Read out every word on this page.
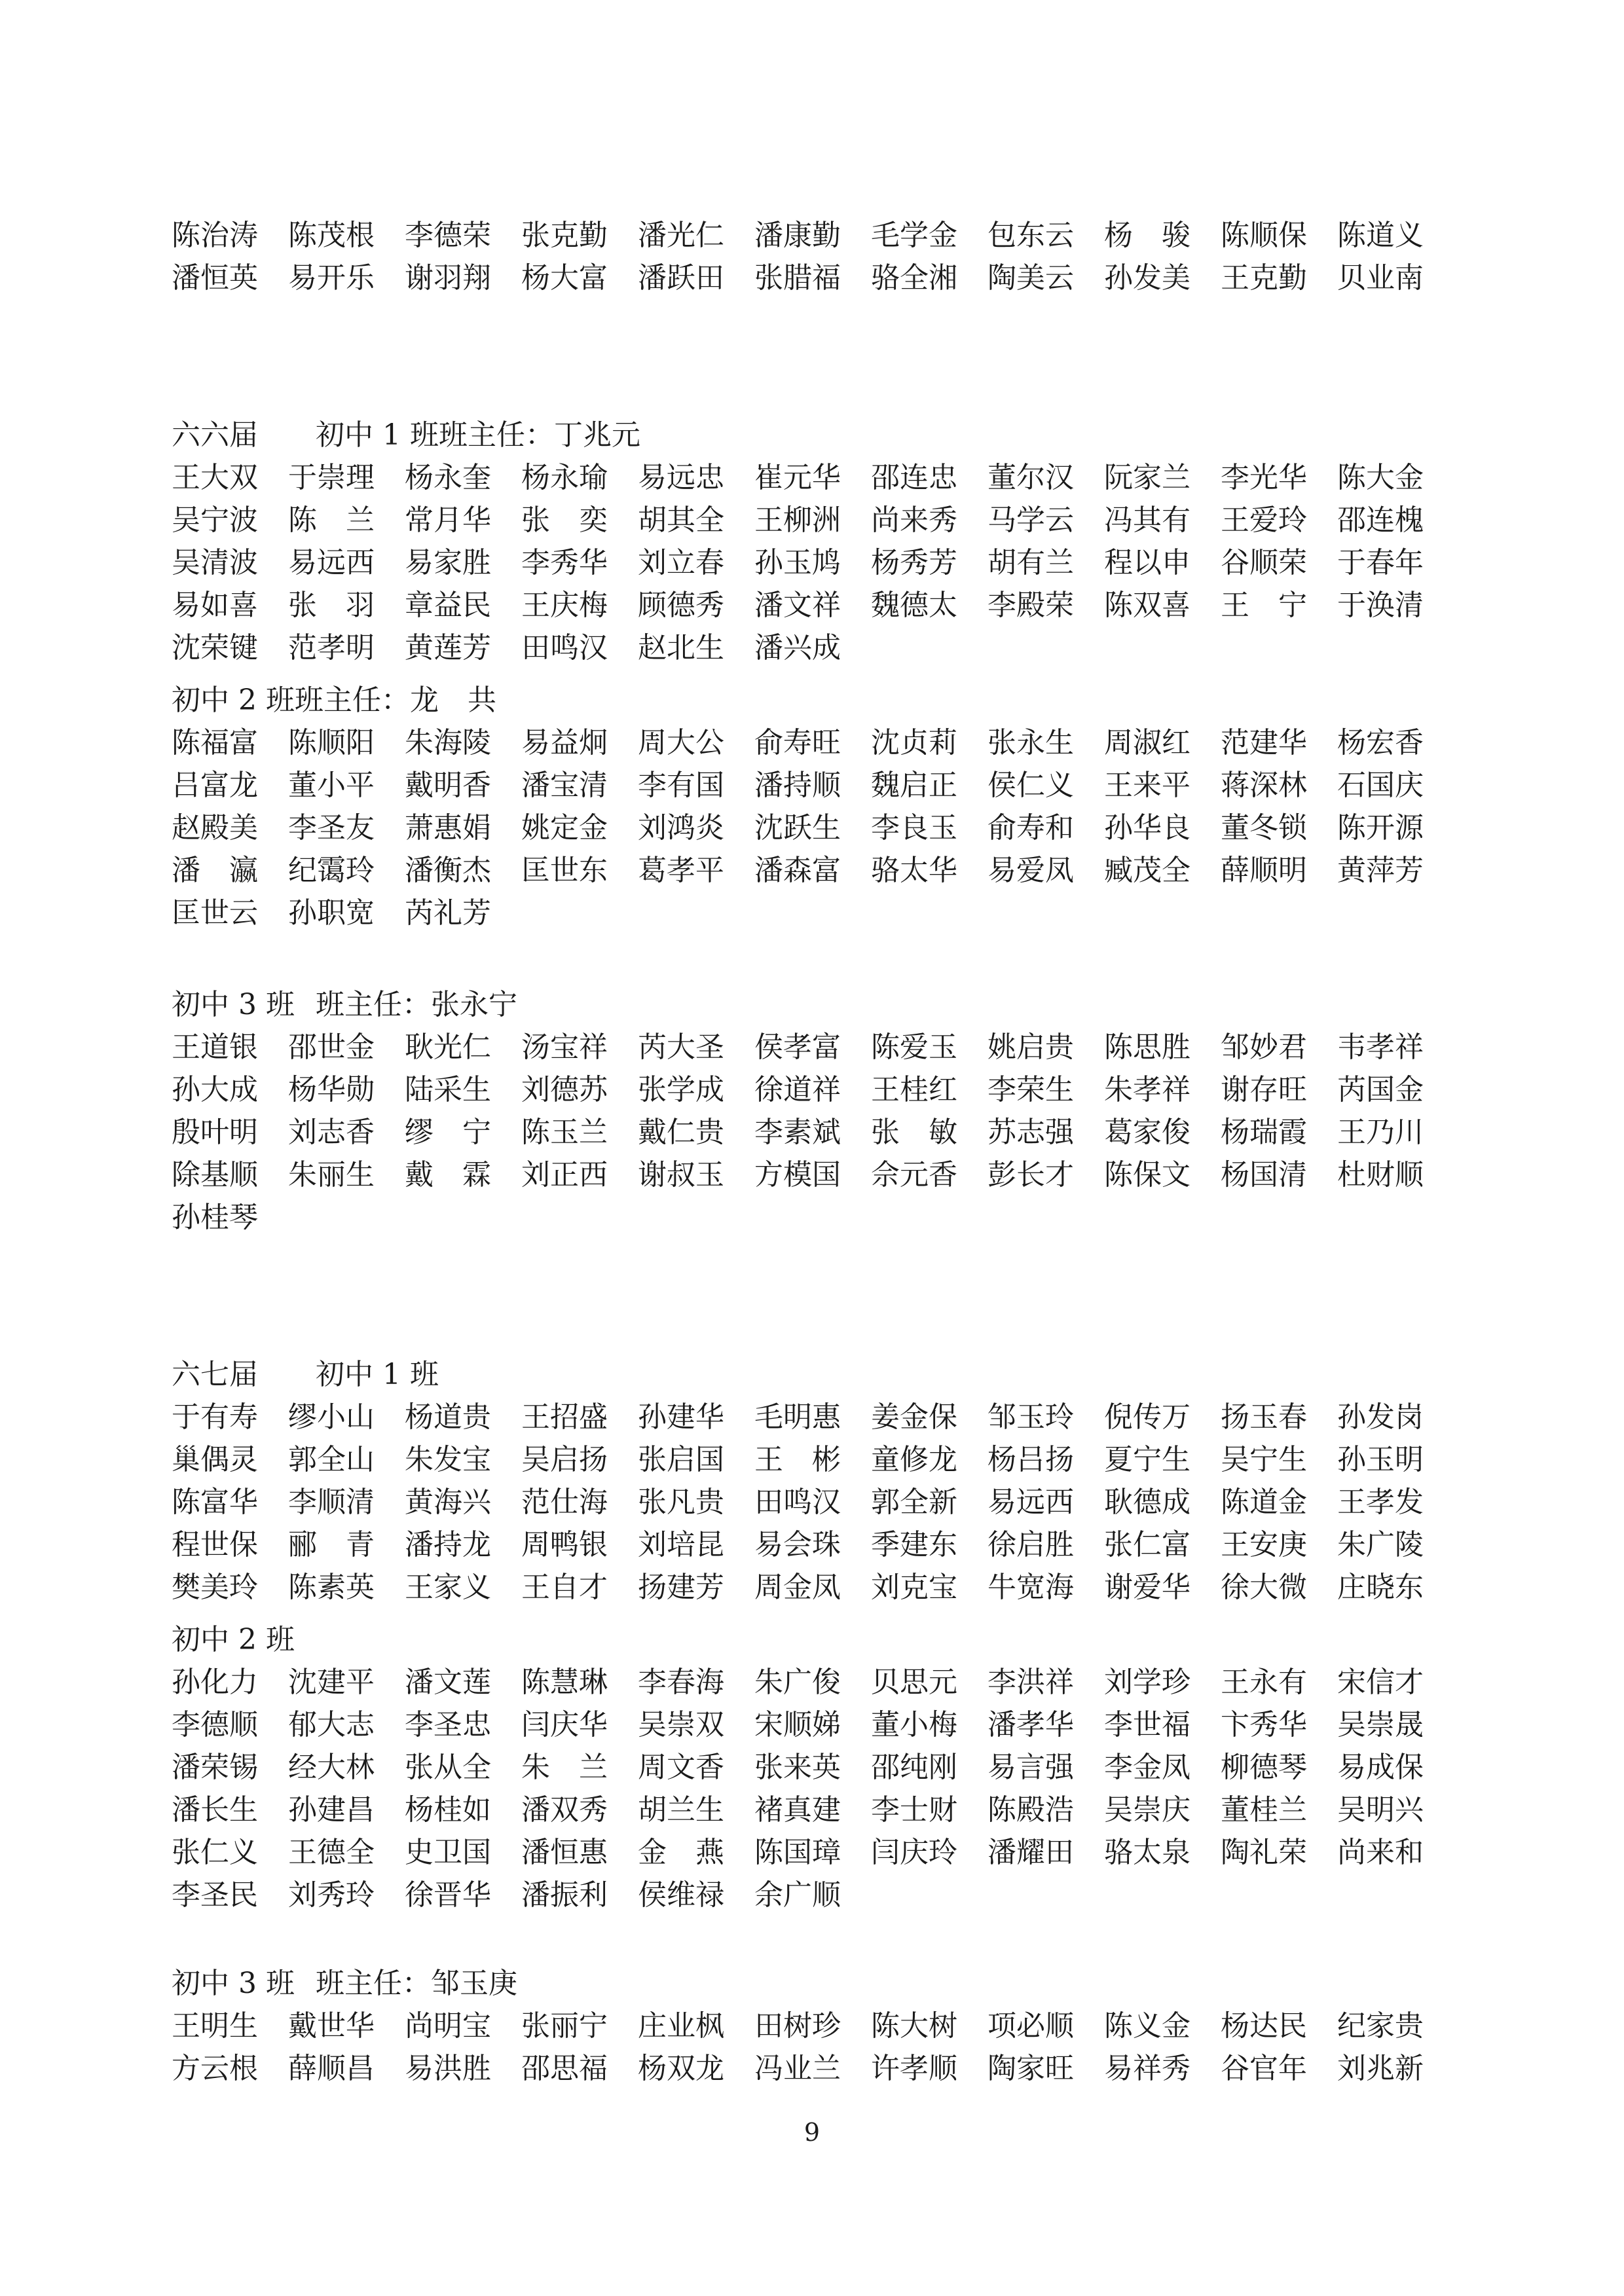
陈治涛	陈茂根	李德荣	张克勤	潘光仁	潘康勤	毛学金	包东云	杨　骏	陈顺保	陈道义
潘恒英	易开乐	谢羽翔	杨大富	潘跃田	张腊福	骆全湘	陶美云	孙发美	王克勤	贝业南
六六届 初中 1 班班主任：丁兆元
王大双	于崇理	杨永奎	杨永瑜	易远忠	崔元华	邵连忠	董尔汉	阮家兰	李光华	陈大金
吴宁波	陈　兰	常月华	张　奕	胡其全	王柳洲	尚来秀	马学云	冯其有	王爱玲	邵连槐
吴清波	易远西	易家胜	李秀华	刘立春	孙玉鸠	杨秀芳	胡有兰	程以申	谷顺荣	于春年
易如喜	张　羽	章益民	王庆梅	顾德秀	潘文祥	魏德太	李殿荣	陈双喜	王　宁	于涣清
沈荣键	范孝明	黄莲芳	田鸣汉	赵北生	潘兴成
初中 2 班班主任：龙　共
陈福富	陈顺阳	朱海陵	易益炯	周大公	俞寿旺	沈贞莉	张永生	周淑红	范建华	杨宏香
吕富龙	董小平	戴明香	潘宝清	李有国	潘持顺	魏启正	侯仁义	王来平	蒋深林	石国庆
赵殿美	李圣友	萧惠娟	姚定金	刘鸿炎	沈跃生	李良玉	俞寿和	孙华良	董冬锁	陈开源
潘　瀛	纪霭玲	潘衡杰	匡世东	葛孝平	潘森富	骆太华	易爱凤	臧茂全	薛顺明	黄萍芳
匡世云	孙职宽	芮礼芳
初中 3 班 班主任：张永宁
王道银	邵世金	耿光仁	汤宝祥	芮大圣	侯孝富	陈爱玉	姚启贵	陈思胜	邹妙君	韦孝祥
孙大成	杨华勋	陆采生	刘德苏	张学成	徐道祥	王桂红	李荣生	朱孝祥	谢存旺	芮国金
殷叶明	刘志香	缪　宁	陈玉兰	戴仁贵	李素斌	张　敏	苏志强	葛家俊	杨瑞霞	王乃川
除基顺	朱丽生	戴　霖	刘正西	谢叔玉	方模国	佘元香	彭长才	陈保文	杨国清	杜财顺
孙桂琴
六七届 初中 1 班
于有寿	缪小山	杨道贵	王招盛	孙建华	毛明惠	姜金保	邹玉玲	倪传万	扬玉春	孙发岗
巢偶灵	郭全山	朱发宝	吴启扬	张启国	王　彬	童修龙	杨吕扬	夏宁生	吴宁生	孙玉明
陈富华	李顺清	黄海兴	范仕海	张凡贵	田鸣汉	郭全新	易远西	耿德成	陈道金	王孝发
程世保	郦　青	潘持龙	周鸭银	刘培昆	易会珠	季建东	徐启胜	张仁富	王安庚	朱广陵
樊美玲	陈素英	王家义	王自才	扬建芳	周金凤	刘克宝	牛宽海	谢爱华	徐大微	庄晓东
初中 2 班
孙化力	沈建平	潘文莲	陈慧琳	李春海	朱广俊	贝思元	李洪祥	刘学珍	王永有	宋信才
李德顺	郁大志	李圣忠	闫庆华	吴崇双	宋顺娣	董小梅	潘孝华	李世福	卞秀华	吴崇晟
潘荣锡	经大林	张从全	朱　兰	周文香	张来英	邵纯刚	易言强	李金凤	柳德琴	易成保
潘长生	孙建昌	杨桂如	潘双秀	胡兰生	褚真建	李士财	陈殿浩	吴崇庆	董桂兰	吴明兴
张仁义	王德全	史卫国	潘恒惠	金　燕	陈国璋	闫庆玲	潘耀田	骆太泉	陶礼荣	尚来和
李圣民	刘秀玲	徐晋华	潘振利	侯维禄	余广顺
初中 3 班 班主任：邹玉庚
王明生	戴世华	尚明宝	张丽宁	庄业枫	田树珍	陈大树	项必顺	陈义金	杨达民	纪家贵
方云根	薛顺昌	易洪胜	邵思福	杨双龙	冯业兰	许孝顺	陶家旺	易祥秀	谷官年	刘兆新
9
